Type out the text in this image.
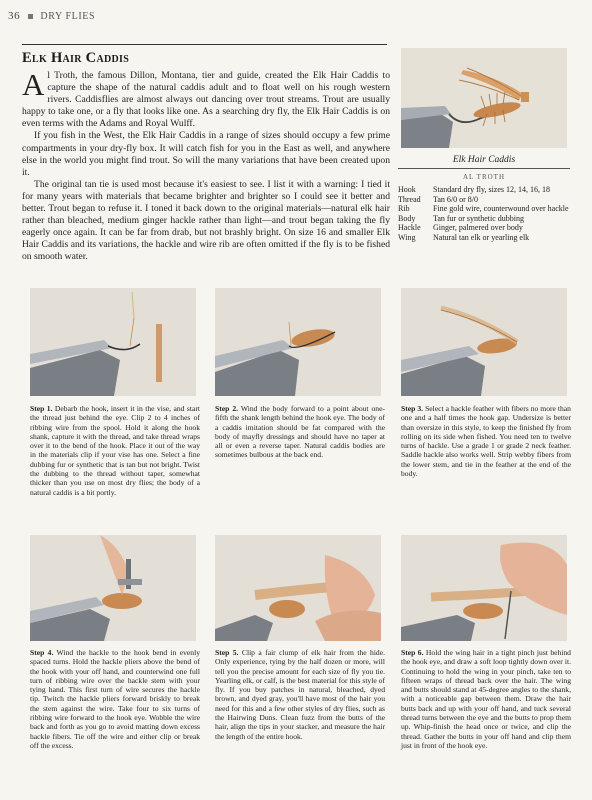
36 DRY FLIES
Elk Hair Caddis

Al Troth, the famous Dillon, Montana, tier and guide, created the Elk Hair Caddis to capture the shape of the natural caddis adult and to float well on his rough western rivers. Caddisflies are almost always out dancing over trout streams. Trout are usually happy to take one, or a fly that looks like one. As a searching dry fly, the Elk Hair Caddis is on even terms with the Adams and Royal Wulff.

If you fish in the West, the Elk Hair Caddis in a range of sizes should occupy a few prime compartments in your dry-fly box. It will catch fish for you in the East as well, and anywhere else in the world you might find trout. So will the many variations that have been created upon it.

The original tan tie is used most because it's easiest to see. I list it with a warning: I tied it for many years with materials that became brighter and brighter so I could see it better and better. Trout began to refuse it. I toned it back down to the original materials—natural elk hair rather than bleached, medium ginger hackle rather than light—and trout began taking the fly eagerly once again. It can be far from drab, but not brashly bright. On size 16 and smaller Elk Hair Caddis and its variations, the hackle and wire rib are often omitted if the fly is to be fished on smooth water.

Elk Hair Caddis
AL TROTH
Hook	Standard dry fly, sizes 12, 14, 16, 18
Thread	Tan 6/0 or 8/0
Rib	Fine gold wire, counterwound over hackle
Body	Tan fur or synthetic dubbing
Hackle	Ginger, palmered over body
Wing	Natural tan elk or yearling elk
Step 1. Debarb the hook, insert it in the vise, and start the thread just behind the eye. Clip 2 to 4 inches of ribbing wire from the spool. Hold it along the hook shank, capture it with the thread, and take thread wraps over it to the bend of the hook. Place it out of the way in the materials clip if your vise has one. Select a fine dubbing fur or synthetic that is tan but not bright. Twist the dubbing to the thread without taper, somewhat thicker than you use on most dry flies; the body of a natural caddis is a bit portly.
Step 2. Wind the body forward to a point about one-fifth the shank length behind the hook eye. The body of a caddis imitation should be fat compared with the body of mayfly dressings and should have no taper at all or even a reverse taper. Natural caddis bodies are sometimes bulbous at the back end.
Step 3. Select a hackle feather with fibers no more than one and a half times the hook gap. Undersize is better than oversize in this style, to keep the finished fly from rolling on its side when fished. You need ten to twelve turns of hackle. Use a grade 1 or grade 2 neck feather. Saddle hackle also works well. Strip webby fibers from the lower stem, and tie in the feather at the end of the body.
Step 4. Wind the hackle to the hook bend in evenly spaced turns. Hold the hackle pliers above the bend of the hook with your off hand, and counterwind one full turn of ribbing wire over the hackle stem with your tying hand. This first turn of wire secures the hackle tip. Twitch the hackle pliers forward briskly to break the stem against the wire. Take four to six turns of ribbing wire forward to the hook eye. Wobble the wire back and forth as you go to avoid matting down excess hackle fibers. Tie off the wire and either clip or break off the excess.
Step 5. Clip a fair clump of elk hair from the hide. Only experience, tying by the half dozen or more, will tell you the precise amount for each size of fly you tie. Yearling elk, or calf, is the best material for this style of fly. If you buy patches in natural, bleached, dyed brown, and dyed gray, you'll have most of the hair you need for this and a few other styles of dry flies, such as the Hairwing Duns. Clean fuzz from the butts of the hair, align the tips in your stacker, and measure the hair the length of the entire hook.
Step 6. Hold the wing hair in a tight pinch just behind the hook eye, and draw a soft loop tightly down over it. Continuing to hold the wing in your pinch, take ten to fifteen wraps of thread back over the hair. The wing and butts should stand at 45-degree angles to the shank, with a noticeable gap between them. Draw the hair butts back and up with your off hand, and tuck several thread turns between the eye and the butts to prop them up. Whip-finish the head once or twice, and clip the thread. Gather the butts in your off hand and clip them just in front of the hook eye.
